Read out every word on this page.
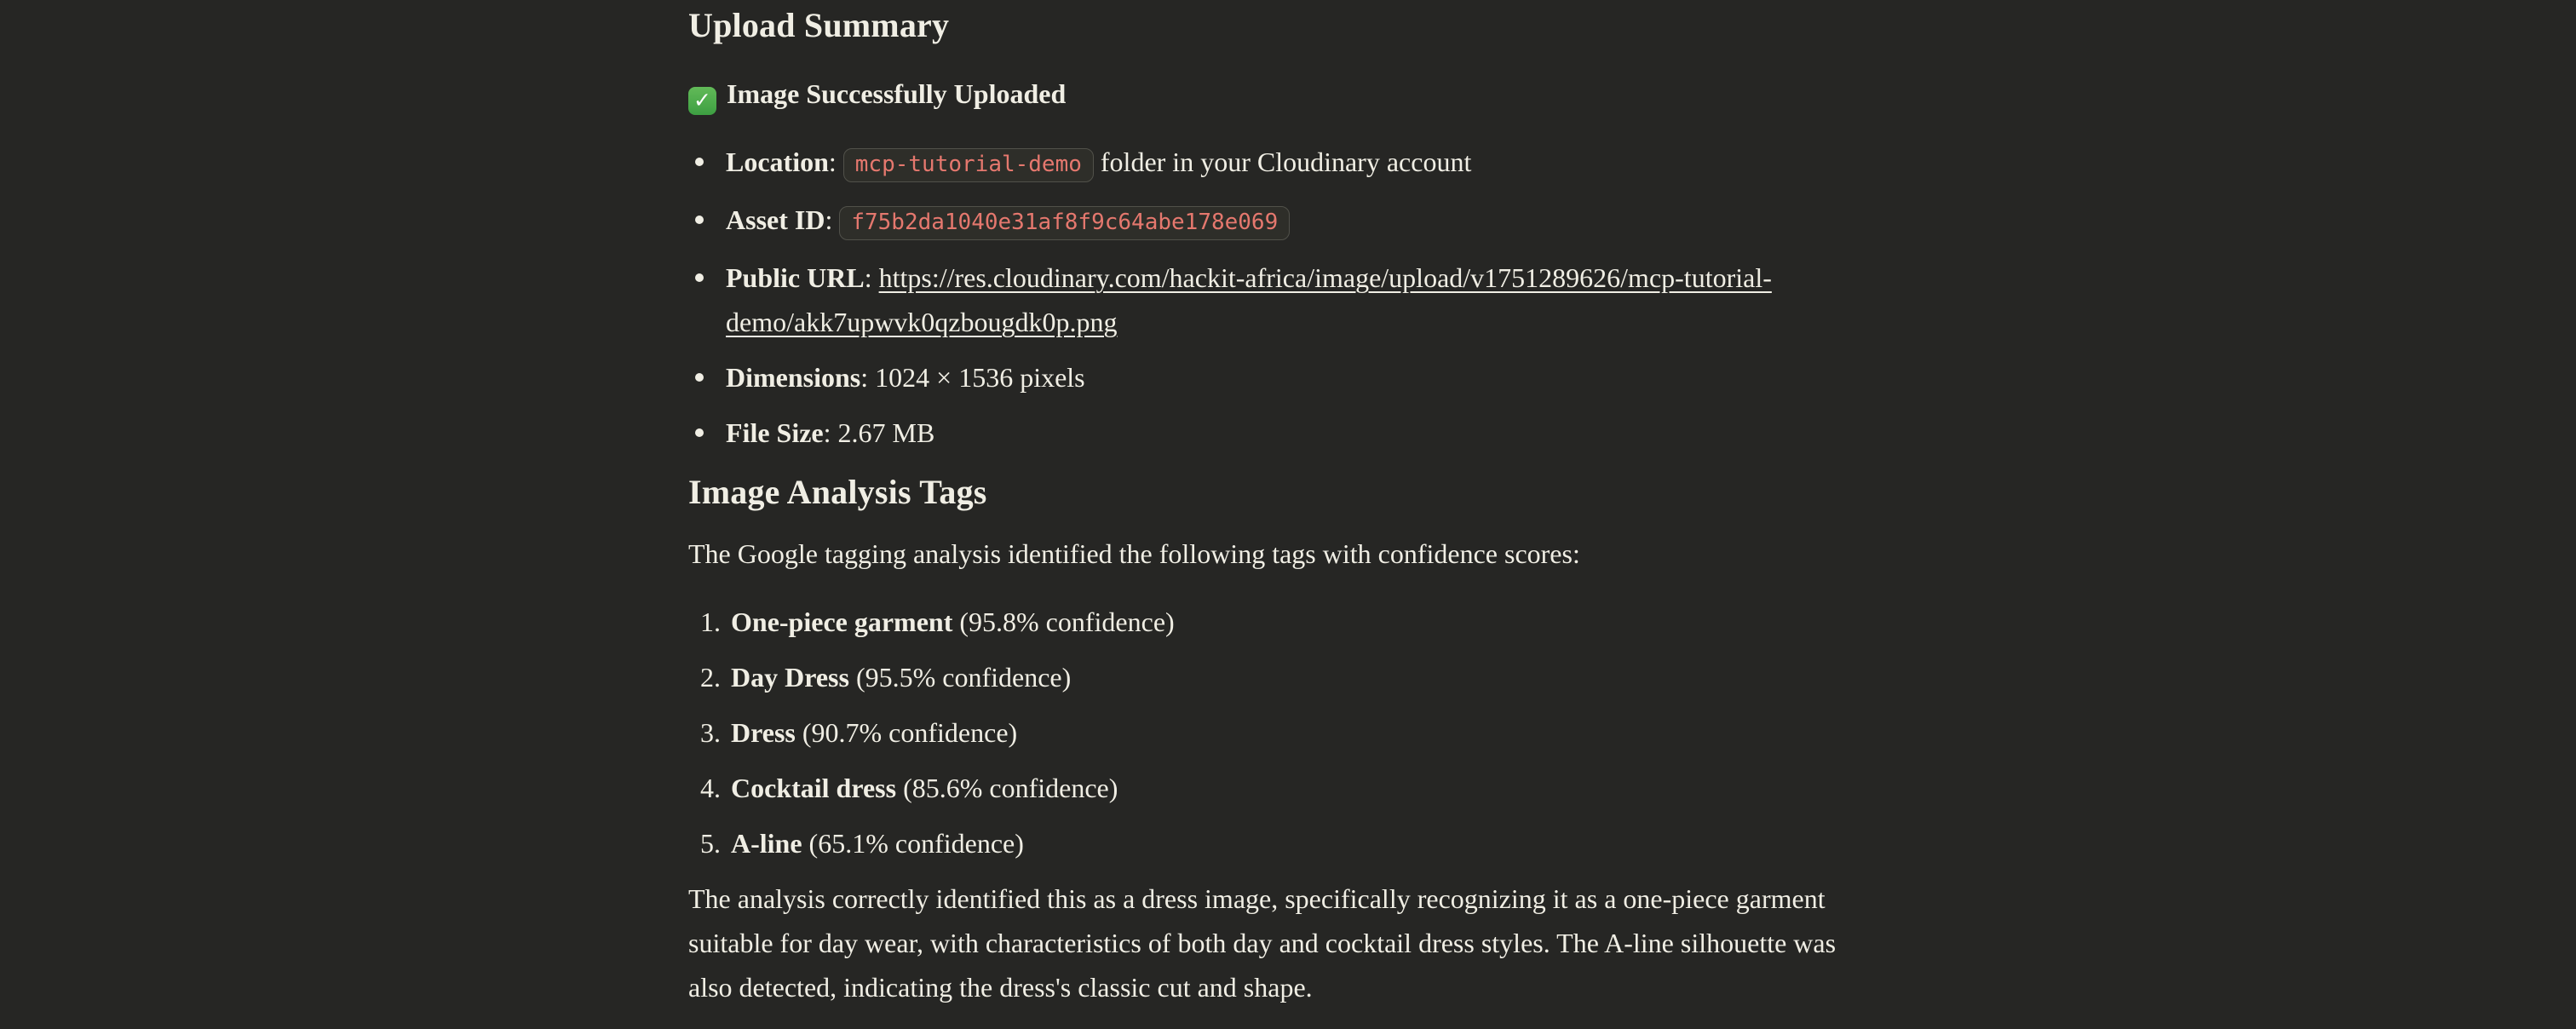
Upload Summary

✓ Image Successfully Uploaded

Location: mcp-tutorial-demo folder in your Cloudinary account
Asset ID: f75b2da1040e31af8f9c64abe178e069
Public URL: https://res.cloudinary.com/hackit-africa/image/upload/v1751289626/mcp-tutorial-demo/akk7upwvk0qzbougdk0p.png
Dimensions: 1024 × 1536 pixels
File Size: 2.67 MB
Image Analysis Tags

The Google tagging analysis identified the following tags with confidence scores:

1. One-piece garment (95.8% confidence)
2. Day Dress (95.5% confidence)
3. Dress (90.7% confidence)
4. Cocktail dress (85.6% confidence)
5. A-line (65.1% confidence)

The analysis correctly identified this as a dress image, specifically recognizing it as a one-piece garment suitable for day wear, with characteristics of both day and cocktail dress styles. The A-line silhouette was also detected, indicating the dress's classic cut and shape.
